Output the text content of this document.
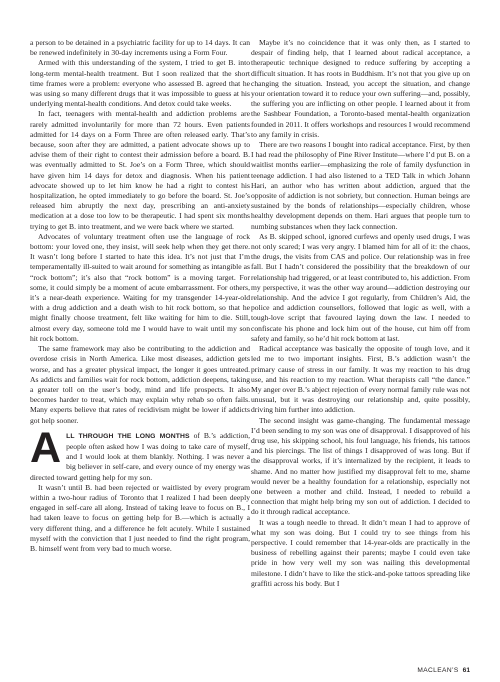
a person to be detained in a psychiatric facility for up to 14 days. It can be renewed indefinitely in 30-day increments using a Form Four.

Armed with this understanding of the system, I tried to get B. into long-term mental-health treatment. But I soon realized that the short time frames were a problem: everyone who assessed B. agreed that he was using so many different drugs that it was impossible to guess at his underlying mental-health conditions. And detox could take weeks.

In fact, teenagers with mental-health and addiction problems are rarely admitted involuntarily for more than 72 hours. Even patients admitted for 14 days on a Form Three are often released early. That’s because, soon after they are admitted, a patient advocate shows up to advise them of their right to contest their admission before a board. B. was eventually admitted to St. Joe’s on a Form Three, which should have given him 14 days for detox and diagnosis. When his patient advocate showed up to let him know he had a right to contest his hospitalization, he opted immediately to go before the board. St. Joe’s released him abruptly the next day, prescribing an anti-anxiety medication at a dose too low to be therapeutic. I had spent six months trying to get B. into treatment, and we were back where we started.

Advocates of voluntary treatment often use the language of rock bottom: your loved one, they insist, will seek help when they get there. It wasn’t long before I started to hate this idea. It’s not just that I’m temperamentally ill-suited to wait around for something as intangible as “rock bottom”; it’s also that “rock bottom” is a moving target. For some, it could simply be a moment of acute embarrassment. For others, it’s a near-death experience. Waiting for my transgender 14-year-old with a drug addiction and a death wish to hit rock bottom, so that he might finally choose treatment, felt like waiting for him to die. Still, almost every day, someone told me I would have to wait until my son hit rock bottom.

The same framework may also be contributing to the addiction and overdose crisis in North America. Like most diseases, addiction gets worse, and has a greater physical impact, the longer it goes untreated. As addicts and families wait for rock bottom, addiction deepens, taking a greater toll on the user’s body, mind and life prospects. It also becomes harder to treat, which may explain why rehab so often fails. Many experts believe that rates of recidivism might be lower if addicts got help sooner.

ALL THROUGH THE LONG MONTHS of B.’s addiction, people often asked how I was doing to take care of myself, and I would look at them blankly. Nothing. I was never a big believer in self-care, and every ounce of my energy was directed toward getting help for my son.

It wasn’t until B. had been rejected or waitlisted by every program within a two-hour radius of Toronto that I realized I had been deeply engaged in self-care all along. Instead of taking leave to focus on B., I had taken leave to focus on getting help for B.—which is actually a very different thing, and a difference he felt acutely. While I sustained myself with the conviction that I just needed to find the right program, B. himself went from very bad to much worse.

Maybe it’s no coincidence that it was only then, as I started to despair of finding help, that I learned about radical acceptance, a therapeutic technique designed to reduce suffering by accepting a difficult situation. It has roots in Buddhism. It’s not that you give up on changing the situation. Instead, you accept the situation, and change your orientation toward it to reduce your own suffering—and, possibly, the suffering you are inflicting on other people. I learned about it from the Sashbear Foundation, a Toronto-based mental-health organization founded in 2011. It offers workshops and resources I would recommend to any family in crisis.

There are two reasons I bought into radical acceptance. First, by then I had read the philosophy of Pine River Institute—where I’d put B. on a waitlist months earlier—emphasizing the role of family dysfunction in teenage addiction. I had also listened to a TED Talk in which Johann Hari, an author who has written about addiction, argued that the opposite of addiction is not sobriety, but connection. Human beings are sustained by the bonds of relationships—especially children, whose healthy development depends on them. Hari argues that people turn to numbing substances when they lack connection.

As B. skipped school, ignored curfews and openly used drugs, I was not only scared; I was very angry. I blamed him for all of it: the chaos, the drugs, the visits from CAS and police. Our relationship was in free fall. But I hadn’t considered the possibility that the breakdown of our relationship had triggered, or at least contributed to, his addiction. From my perspective, it was the other way around—addiction destroying our relationship. And the advice I got regularly, from Children’s Aid, the police and addiction counsellors, followed that logic as well, with a tough-love script that favoured laying down the law. I needed to confiscate his phone and lock him out of the house, cut him off from safety and family, so he’d hit rock bottom at last.

Radical acceptance was basically the opposite of tough love, and it led me to two important insights. First, B.’s addiction wasn’t the primary cause of stress in our family. It was my reaction to his drug use, and his reaction to my reaction. What therapists call “the dance.” My anger over B.’s abject rejection of every normal family rule was not unusual, but it was destroying our relationship and, quite possibly, driving him further into addiction.

The second insight was game-changing. The fundamental message I’d been sending to my son was one of disapproval. I disapproved of his drug use, his skipping school, his foul language, his friends, his tattoos and his piercings. The list of things I disapproved of was long. But if the disapproval works, if it’s internalized by the recipient, it leads to shame. And no matter how justified my disapproval felt to me, shame would never be a healthy foundation for a relationship, especially not one between a mother and child. Instead, I needed to rebuild a connection that might help bring my son out of addiction. I decided to do it through radical acceptance.

It was a tough needle to thread. It didn’t mean I had to approve of what my son was doing. But I could try to see things from his perspective. I could remember that 14-year-olds are practically in the business of rebelling against their parents; maybe I could even take pride in how very well my son was nailing this developmental milestone. I didn’t have to like the stick-and-poke tattoos spreading like graffiti across his body. But I

MACLEAN’S 61
